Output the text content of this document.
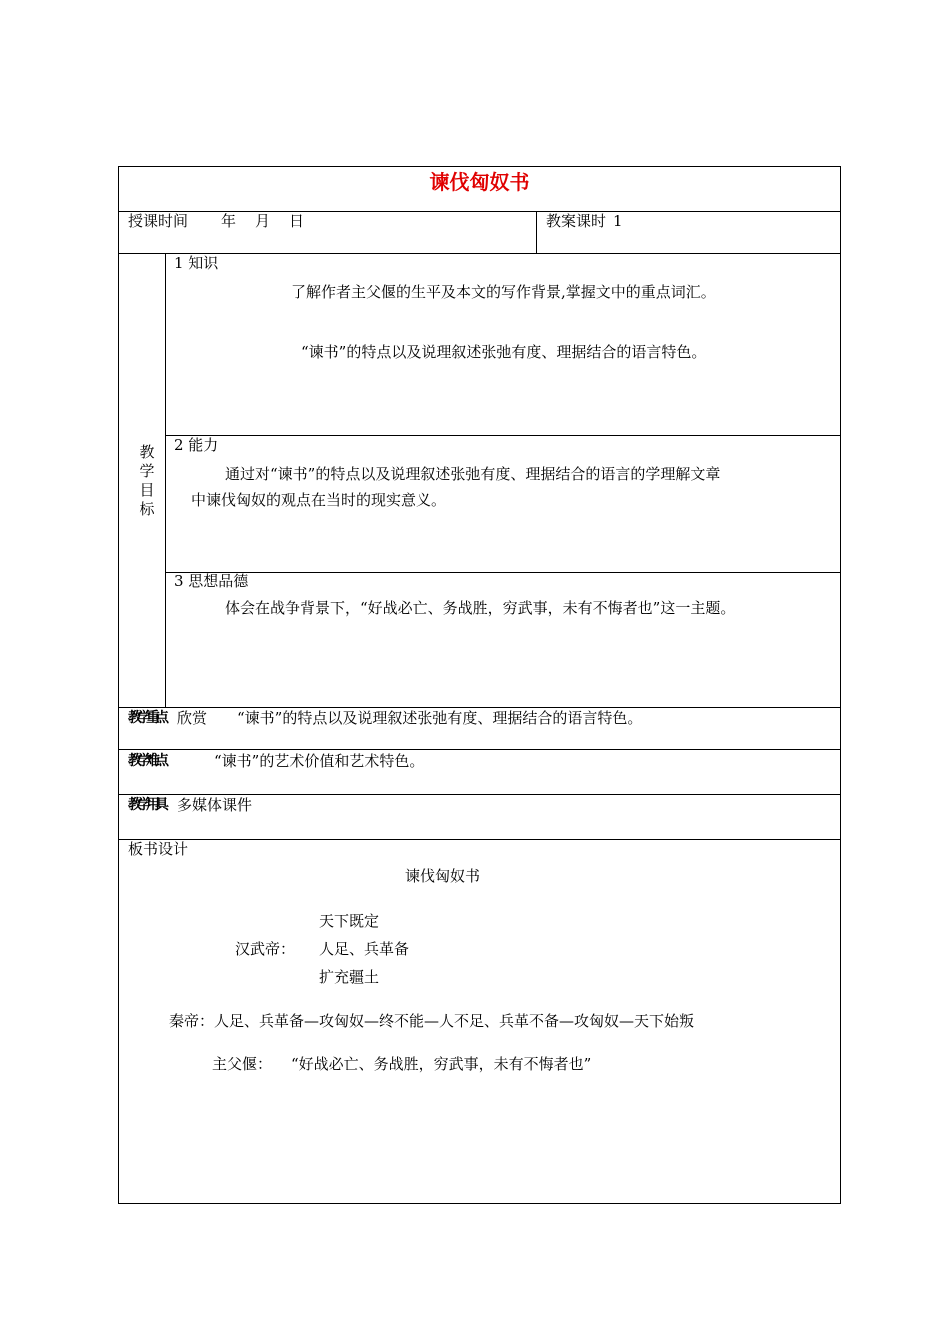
谏伐匈奴书
授课时间 年 月 日	教案课时 1
教学目标
1 知识
了解作者主父偃的生平及本文的写作背景,掌握文中的重点词汇。
“谏书”的特点以及说理叙述张弛有度、理据结合的语言特色。
2 能力
通过对“谏书”的特点以及说理叙述张弛有度、理据结合的语言的学理解文章
中谏伐匈奴的观点在当时的现实意义。
3 思想品德
体会在战争背景下，“好战必亡、务战胜，穷武事，未有不悔者也”这一主题。
教学重点 欣赏　　“谏书”的特点以及说理叙述张弛有度、理据结合的语言特色。
教学难点	“谏书”的艺术价值和艺术特色。
教学用具 多媒体课件
板书设计
谏伐匈奴书
天下既定
汉武帝： 人足、兵革备
扩充疆土
秦帝：人足、兵革备—攻匈奴—终不能—人不足、兵革不备—攻匈奴—天下始叛
主父偃： “好战必亡、务战胜，穷武事，未有不悔者也”
